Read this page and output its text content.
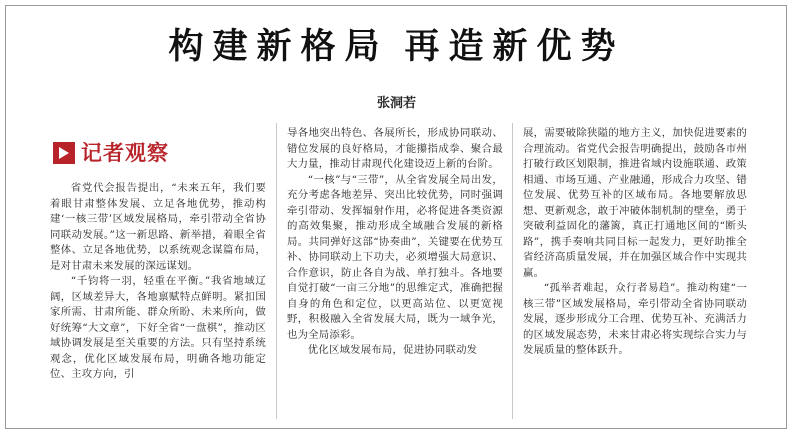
构建新格局 再造新优势
张洞若
记者观察

省党代会报告提出，“未来五年，我们要着眼甘肃整体发展、立足各地优势，推动构建‘一核三带’区域发展格局，牵引带动全省协同联动发展。”这一新思路、新举措，着眼全省整体、立足各地优势，以系统观念谋篇布局，是对甘肃未来发展的深远谋划。

“千钧将一羽，轻重在平衡。”我省地域辽阔，区域差异大，各地禀赋特点鲜明。紧扣国家所需、甘肃所能、群众所盼、未来所向，做好统筹“大文章”，下好全省“一盘棋”，推动区域协调发展是至关重要的方法。只有坚持系统观念，优化区域发展布局，明确各地功能定位、主攻方向，引

导各地突出特色、各展所长，形成协同联动、错位发展的良好格局，才能攥指成拳、聚合最大力量，推动甘肃现代化建设迈上新的台阶。

“一核”与“三带”，从全省发展全局出发，充分考虑各地差异、突出比较优势，同时强调牵引带动、发挥辐射作用，必将促进各类资源的高效集聚，推动形成全域融合发展的新格局。共同弹好这部“协奏曲”，关键要在优势互补、协同联动上下功夫，必须增强大局意识、合作意识，防止各自为战、单打独斗。各地要自觉打破“一亩三分地”的思维定式，准确把握自身的角色和定位，以更高站位、以更宽视野，积极融入全省发展大局，既为一域争光，也为全局添彩。

优化区域发展布局，促进协同联动发

展，需要破除狭隘的地方主义，加快促进要素的合理流动。省党代会报告明确提出，鼓励各市州打破行政区划限制，推进省域内设施联通、政策相通、市场互通、产业融通，形成合力攻坚、错位发展、优势互补的区域布局。各地要解放思想、更新观念，敢于冲破体制机制的壁垒，勇于突破利益固化的藩篱，真正打通地区间的“断头路”，携手奏响共同目标一起发力，更好助推全省经济高质量发展，并在加强区域合作中实现共赢。

“孤举者难起，众行者易趋”。推动构建“一核三带”区域发展格局，牵引带动全省协同联动发展，逐步形成分工合理、优势互补、充满活力的区域发展态势，未来甘肃必将实现综合实力与发展质量的整体跃升。
